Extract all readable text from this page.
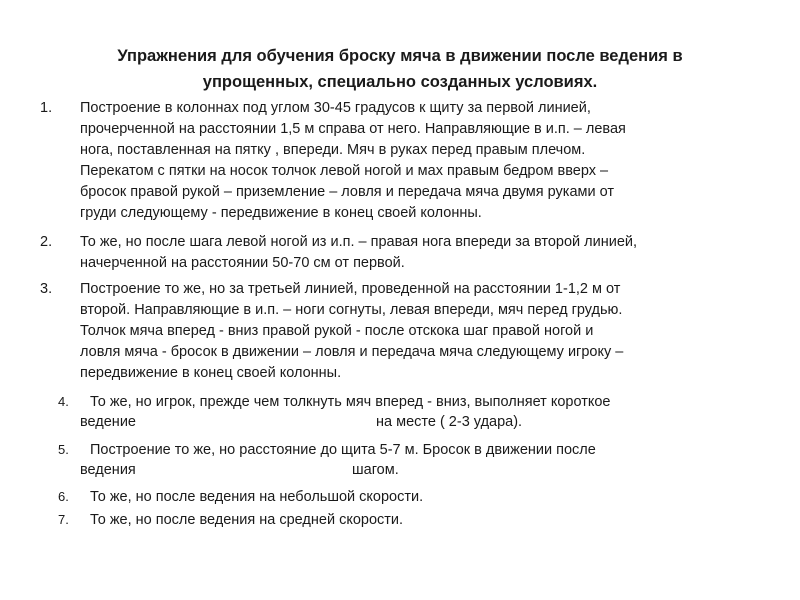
Упражнения для обучения броску мяча в движении после ведения в
упрощенных, специально созданных условиях.
1. Построение в колоннах под углом 30-45 градусов к щиту за первой линией,
прочерченной на расстоянии 1,5 м справа от него. Направляющие в и.п. – левая
нога, поставленная на пятку , впереди. Мяч в руках перед правым плечом.
Перекатом с пятки на носок толчок левой ногой и мах правым бедром вверх –
бросок правой рукой – приземление – ловля и передача мяча двумя руками от
груди следующему - передвижение в конец своей колонны.
2. То же, но после шага левой ногой из и.п. – правая нога впереди за второй линией,
начерченной на расстоянии 50-70 см от первой.
3. Построение то же, но за третьей линией, проведенной на расстоянии 1-1,2 м от
второй. Направляющие в и.п. – ноги согнуты, левая впереди, мяч перед грудью.
Толчок мяча вперед - вниз правой рукой - после отскока шаг правой ногой и
ловля мяча - бросок в движении – ловля и передача мяча следующему игроку –
передвижение в конец своей колонны.
4. То же, но игрок, прежде чем толкнуть мяч вперед - вниз, выполняет короткое
ведение	на месте ( 2-3 удара).
5. Построение то же, но расстояние до щита 5-7 м. Бросок в движении после
ведения	шагом.
6. То же, но после ведения на небольшой скорости.
7. То же, но после ведения на средней скорости.
